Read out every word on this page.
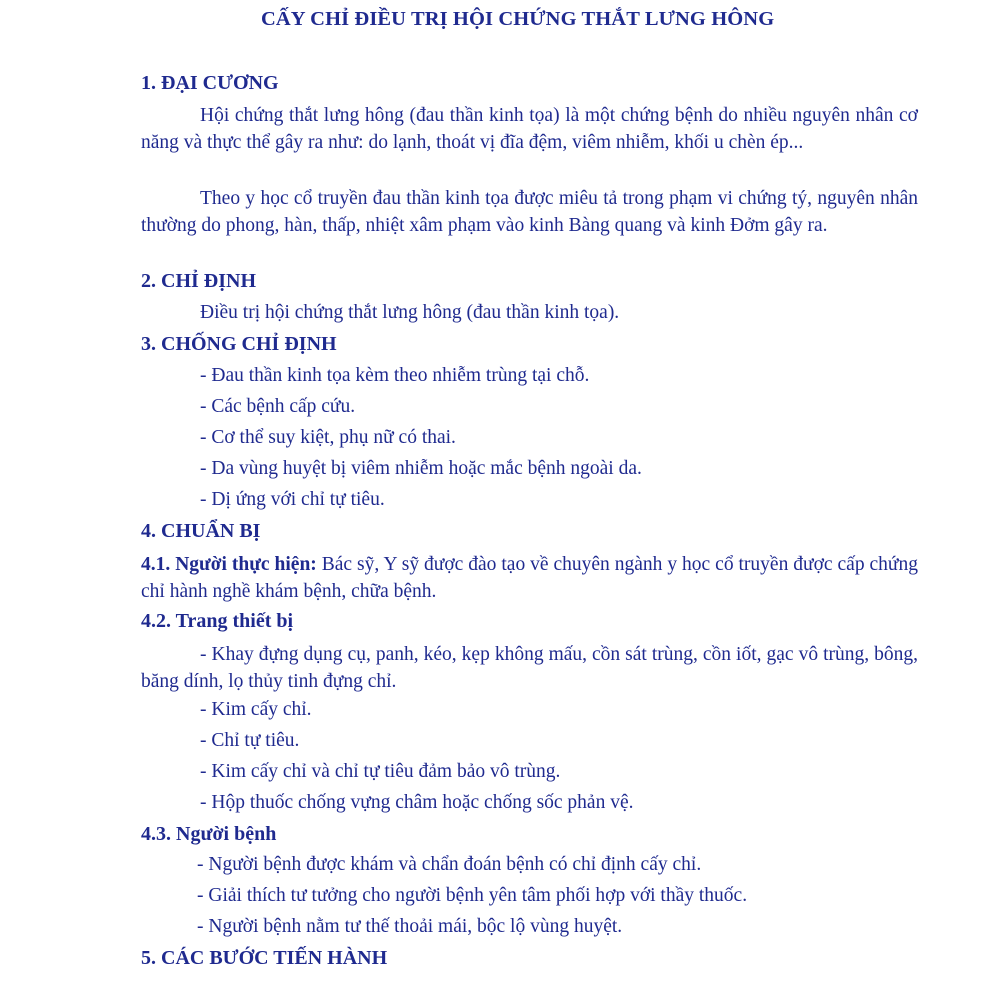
CẤY CHỈ ĐIỀU TRỊ HỘI CHỨNG THẮT LƯNG HÔNG
1. ĐẠI CƯƠNG

Hội chứng thắt lưng hông (đau thần kinh tọa) là một chứng bệnh do nhiều nguyên nhân cơ năng và thực thể gây ra như: do lạnh, thoát vị đĩa đệm, viêm nhiễm, khối u chèn ép...

Theo y học cổ truyền đau thần kinh tọa được miêu tả trong phạm vi chứng tý, nguyên nhân thường do phong, hàn, thấp, nhiệt xâm phạm vào kinh Bàng quang và kinh Đởm gây ra.

2. CHỈ ĐỊNH
Điều trị hội chứng thắt lưng hông (đau thần kinh tọa).
3. CHỐNG CHỈ ĐỊNH
- Đau thần kinh tọa kèm theo nhiễm trùng tại chỗ.
- Các bệnh cấp cứu.
- Cơ thể suy kiệt, phụ nữ có thai.
- Da vùng huyệt bị viêm nhiễm hoặc mắc bệnh ngoài da.
- Dị ứng với chỉ tự tiêu.
4. CHUẨN BỊ

4.1. Người thực hiện: Bác sỹ, Y sỹ được đào tạo về chuyên ngành y học cổ truyền được cấp chứng chỉ hành nghề khám bệnh, chữa bệnh.

4.2. Trang thiết bị

- Khay đựng dụng cụ, panh, kéo, kẹp không mấu, cồn sát trùng, cồn iốt, gạc vô trùng, bông, băng dính, lọ thủy tinh đựng chỉ.

- Kim cấy chỉ.
- Chỉ tự tiêu.
- Kim cấy chỉ và chỉ tự tiêu đảm bảo vô trùng.
- Hộp thuốc chống vựng châm hoặc chống sốc phản vệ.
4.3. Người bệnh
- Người bệnh được khám và chẩn đoán bệnh có chỉ định cấy chỉ.
- Giải thích tư tưởng cho người bệnh yên tâm phối hợp với thầy thuốc.
- Người bệnh nằm tư thế thoải mái, bộc lộ vùng huyệt.
5. CÁC BƯỚC TIẾN HÀNH
